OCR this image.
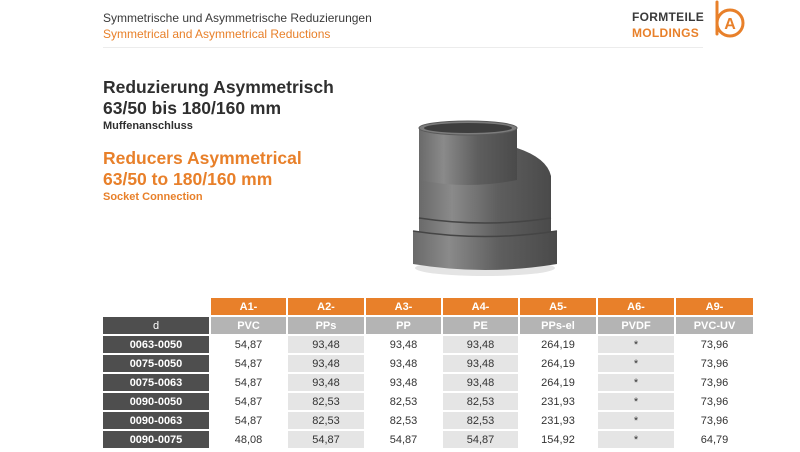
Symmetrische und Asymmetrische Reduzierungen
Symmetrical and Asymmetrical Reductions
FORMTEILE
MOLDINGS A
Reduzierung Asymmetrisch
63/50 bis 180/160 mm
Muffenanschluss
Reducers Asymmetrical
63/50 to 180/160 mm
Socket Connection
	A1-	A2-	A3-	A4-	A5-	A6-	A9-
d	PVC	PPs	PP	PE	PPs-el	PVDF	PVC-UV
0063-0050	54,87	93,48	93,48	93,48	264,19	*	73,96
0075-0050	54,87	93,48	93,48	93,48	264,19	*	73,96
0075-0063	54,87	93,48	93,48	93,48	264,19	*	73,96
0090-0050	54,87	82,53	82,53	82,53	231,93	*	73,96
0090-0063	54,87	82,53	82,53	82,53	231,93	*	73,96
0090-0075	48,08	54,87	54,87	54,87	154,92	*	64,79
